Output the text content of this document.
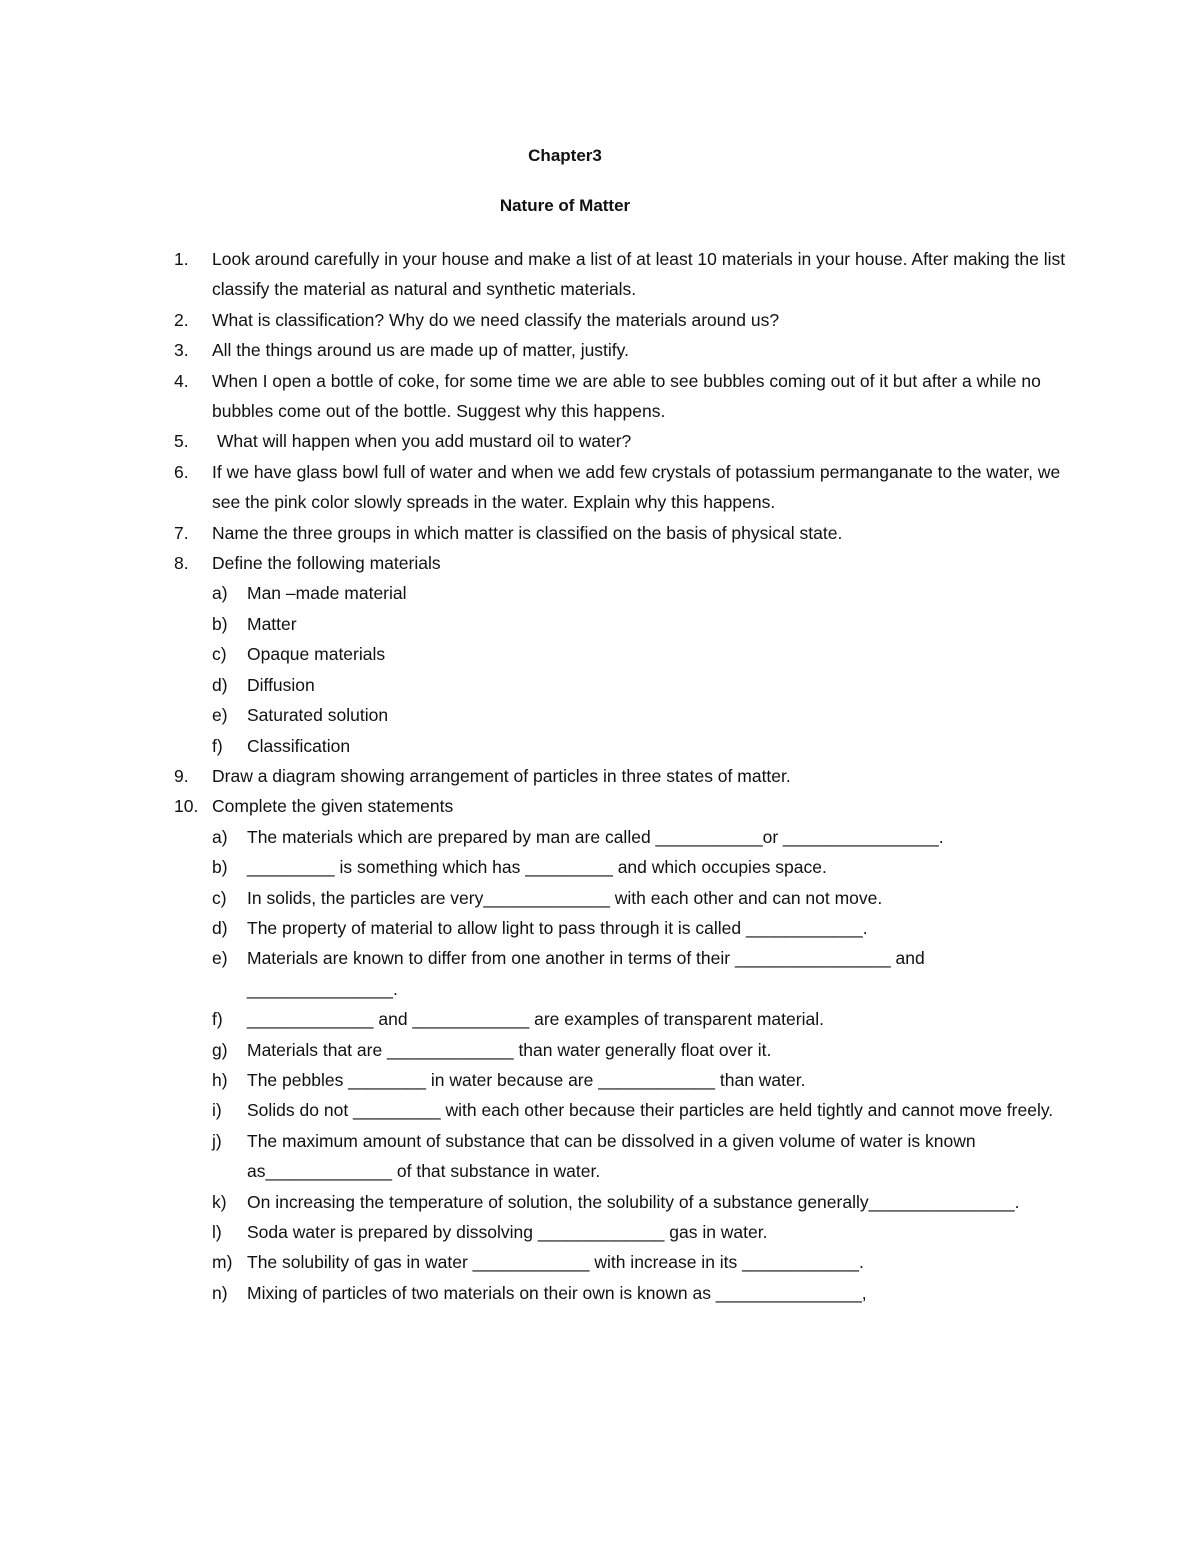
Chapter3
Nature of Matter
1. Look around carefully in your house and make a list of at least 10 materials in your house. After making the list classify the material as natural and synthetic materials.
2. What is classification? Why do we need classify the materials around us?
3. All the things around us are made up of matter, justify.
4. When I open a bottle of coke, for some time we are able to see bubbles coming out of it but after a while no bubbles come out of the bottle. Suggest why this happens.
5. What will happen when you add mustard oil to water?
6. If we have glass bowl full of water and when we add few crystals of potassium permanganate to the water, we see the pink color slowly spreads in the water. Explain why this happens.
7. Name the three groups in which matter is classified on the basis of physical state.
8. Define the following materials
a) Man –made material
b) Matter
c) Opaque materials
d) Diffusion
e) Saturated solution
f) Classification
9. Draw a diagram showing arrangement of particles in three states of matter.
10. Complete the given statements
a) The materials which are prepared by man are called ___________or ________________.
b) _________ is something which has _________ and which occupies space.
c) In solids, the particles are very_____________ with each other and can not move.
d) The property of material to allow light to pass through it is called ____________.
e) Materials are known to differ from one another in terms of their ________________ and _______________.
f) _____________ and ____________ are examples of transparent material.
g) Materials that are _____________ than water generally float over it.
h) The pebbles ________ in water because are ____________ than water.
i) Solids do not _________ with each other because their particles are held tightly and cannot move freely.
j) The maximum amount of substance that can be dissolved in a given volume of water is known as_____________ of that substance in water.
k) On increasing the temperature of solution, the solubility of a substance generally_______________.
l) Soda water is prepared by dissolving _____________ gas in water.
m) The solubility of gas in water ____________ with increase in its ____________.
n) Mixing of particles of two materials on their own is known as _______________,
